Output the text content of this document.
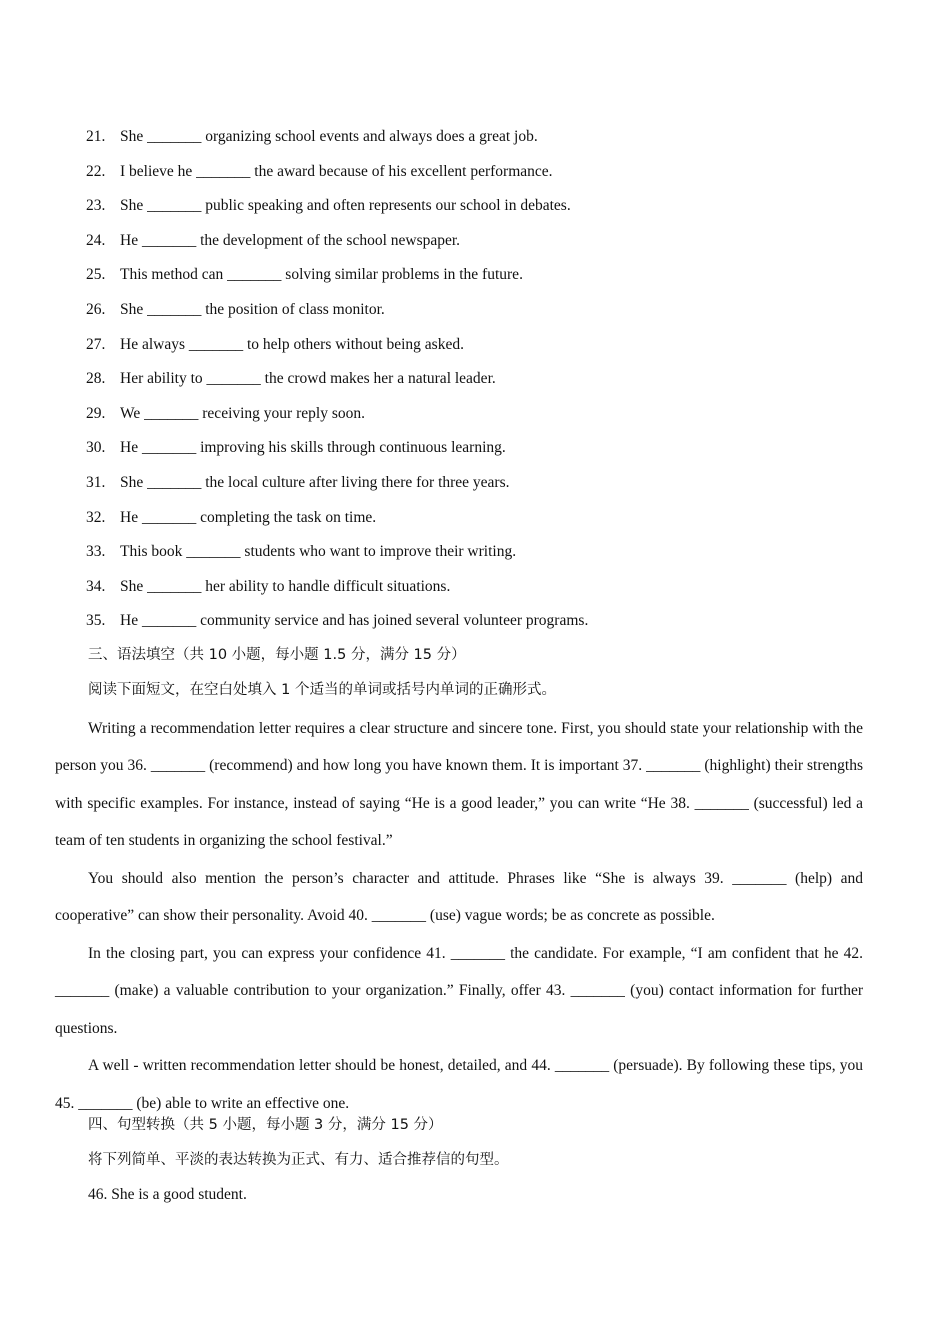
21. She _______ organizing school events and always does a great job.
22. I believe he _______ the award because of his excellent performance.
23. She _______ public speaking and often represents our school in debates.
24. He _______ the development of the school newspaper.
25. This method can _______ solving similar problems in the future.
26. She _______ the position of class monitor.
27. He always _______ to help others without being asked.
28. Her ability to _______ the crowd makes her a natural leader.
29. We _______ receiving your reply soon.
30. He _______ improving his skills through continuous learning.
31. She _______ the local culture after living there for three years.
32. He _______ completing the task on time.
33. This book _______ students who want to improve their writing.
34. She _______ her ability to handle difficult situations.
35. He _______ community service and has joined several volunteer programs.
三、语法填空（共 10 小题，每小题 1.5 分，满分 15 分）
阅读下面短文，在空白处填入 1 个适当的单词或括号内单词的正确形式。

Writing a recommendation letter requires a clear structure and sincere tone. First, you should state your relationship with the person you 36. _______ (recommend) and how long you have known them. It is important 37. _______ (highlight) their strengths with specific examples. For instance, instead of saying “He is a good leader,” you can write “He 38. _______ (successful) led a team of ten students in organizing the school festival.”

You should also mention the person’s character and attitude. Phrases like “She is always 39. _______ (help) and cooperative” can show their personality. Avoid 40. _______ (use) vague words; be as concrete as possible.

In the closing part, you can express your confidence 41. _______ the candidate. For example, “I am confident that he 42. _______ (make) a valuable contribution to your organization.” Finally, offer 43. _______ (you) contact information for further questions.

A well - written recommendation letter should be honest, detailed, and 44. _______ (persuade). By following these tips, you 45. _______ (be) able to write an effective one.

四、句型转换（共 5 小题，每小题 3 分，满分 15 分）
将下列简单、平淡的表达转换为正式、有力、适合推荐信的句型。
46. She is a good student.
